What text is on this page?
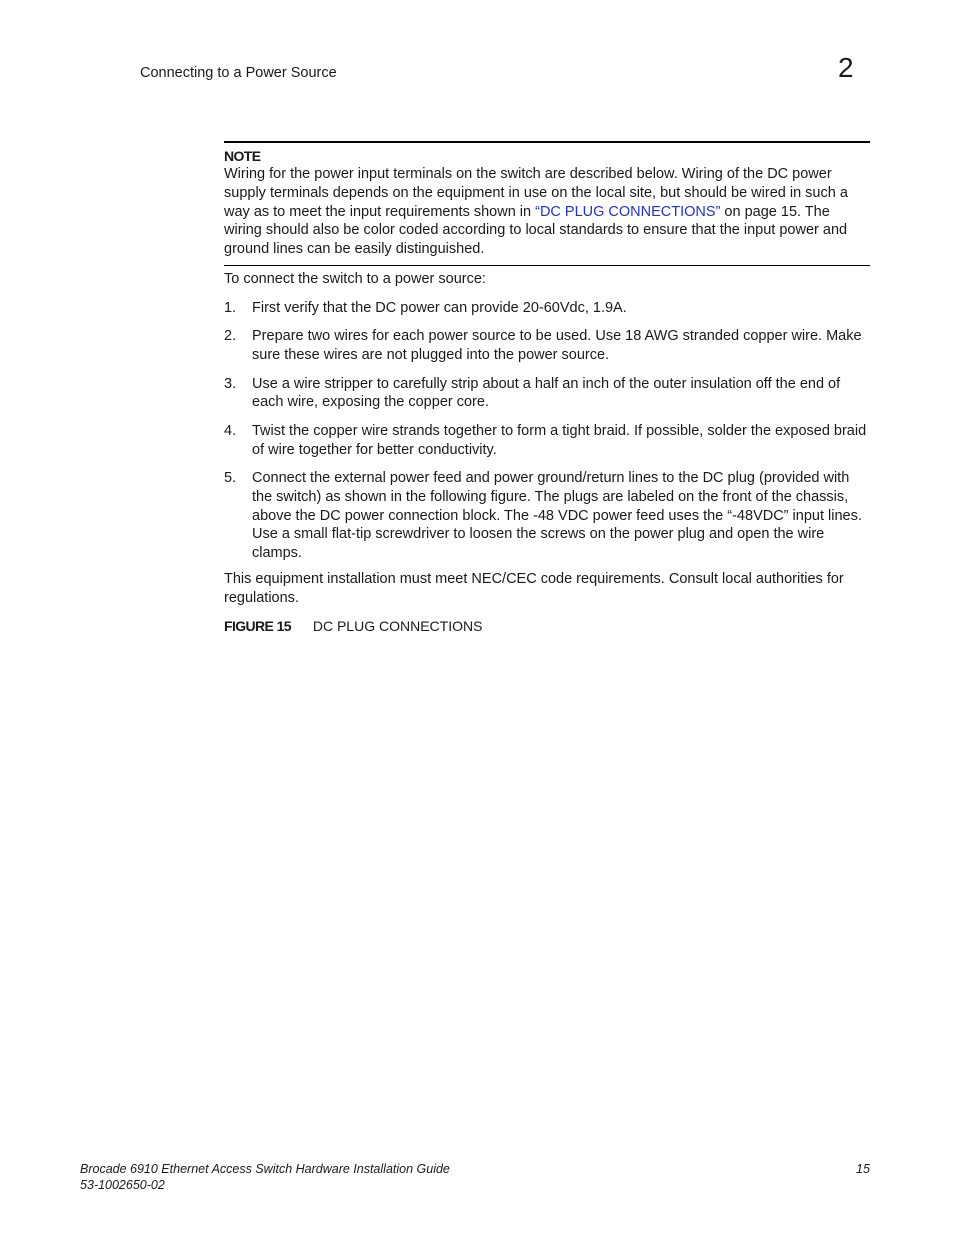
Connecting to a Power Source	2
NOTE

Wiring for the power input terminals on the switch are described below. Wiring of the DC power supply terminals depends on the equipment in use on the local site, but should be wired in such a way as to meet the input requirements shown in “DC PLUG CONNECTIONS” on page 15. The wiring should also be color coded according to local standards to ensure that the input power and ground lines can be easily distinguished.

To connect the switch to a power source:
1. First verify that the DC power can provide 20-60Vdc, 1.9A.
2. Prepare two wires for each power source to be used. Use 18 AWG stranded copper wire. Make sure these wires are not plugged into the power source.
3. Use a wire stripper to carefully strip about a half an inch of the outer insulation off the end of each wire, exposing the copper core.
4. Twist the copper wire strands together to form a tight braid. If possible, solder the exposed braid of wire together for better conductivity.
5. Connect the external power feed and power ground/return lines to the DC plug (provided with the switch) as shown in the following figure. The plugs are labeled on the front of the chassis, above the DC power connection block. The -48 VDC power feed uses the “-48VDC” input lines. Use a small flat-tip screwdriver to loosen the screws on the power plug and open the wire clamps.
This equipment installation must meet NEC/CEC code requirements. Consult local authorities for regulations.
FIGURE 15 DC PLUG CONNECTIONS
Brocade 6910 Ethernet Access Switch Hardware Installation Guide
53-1002650-02
15
